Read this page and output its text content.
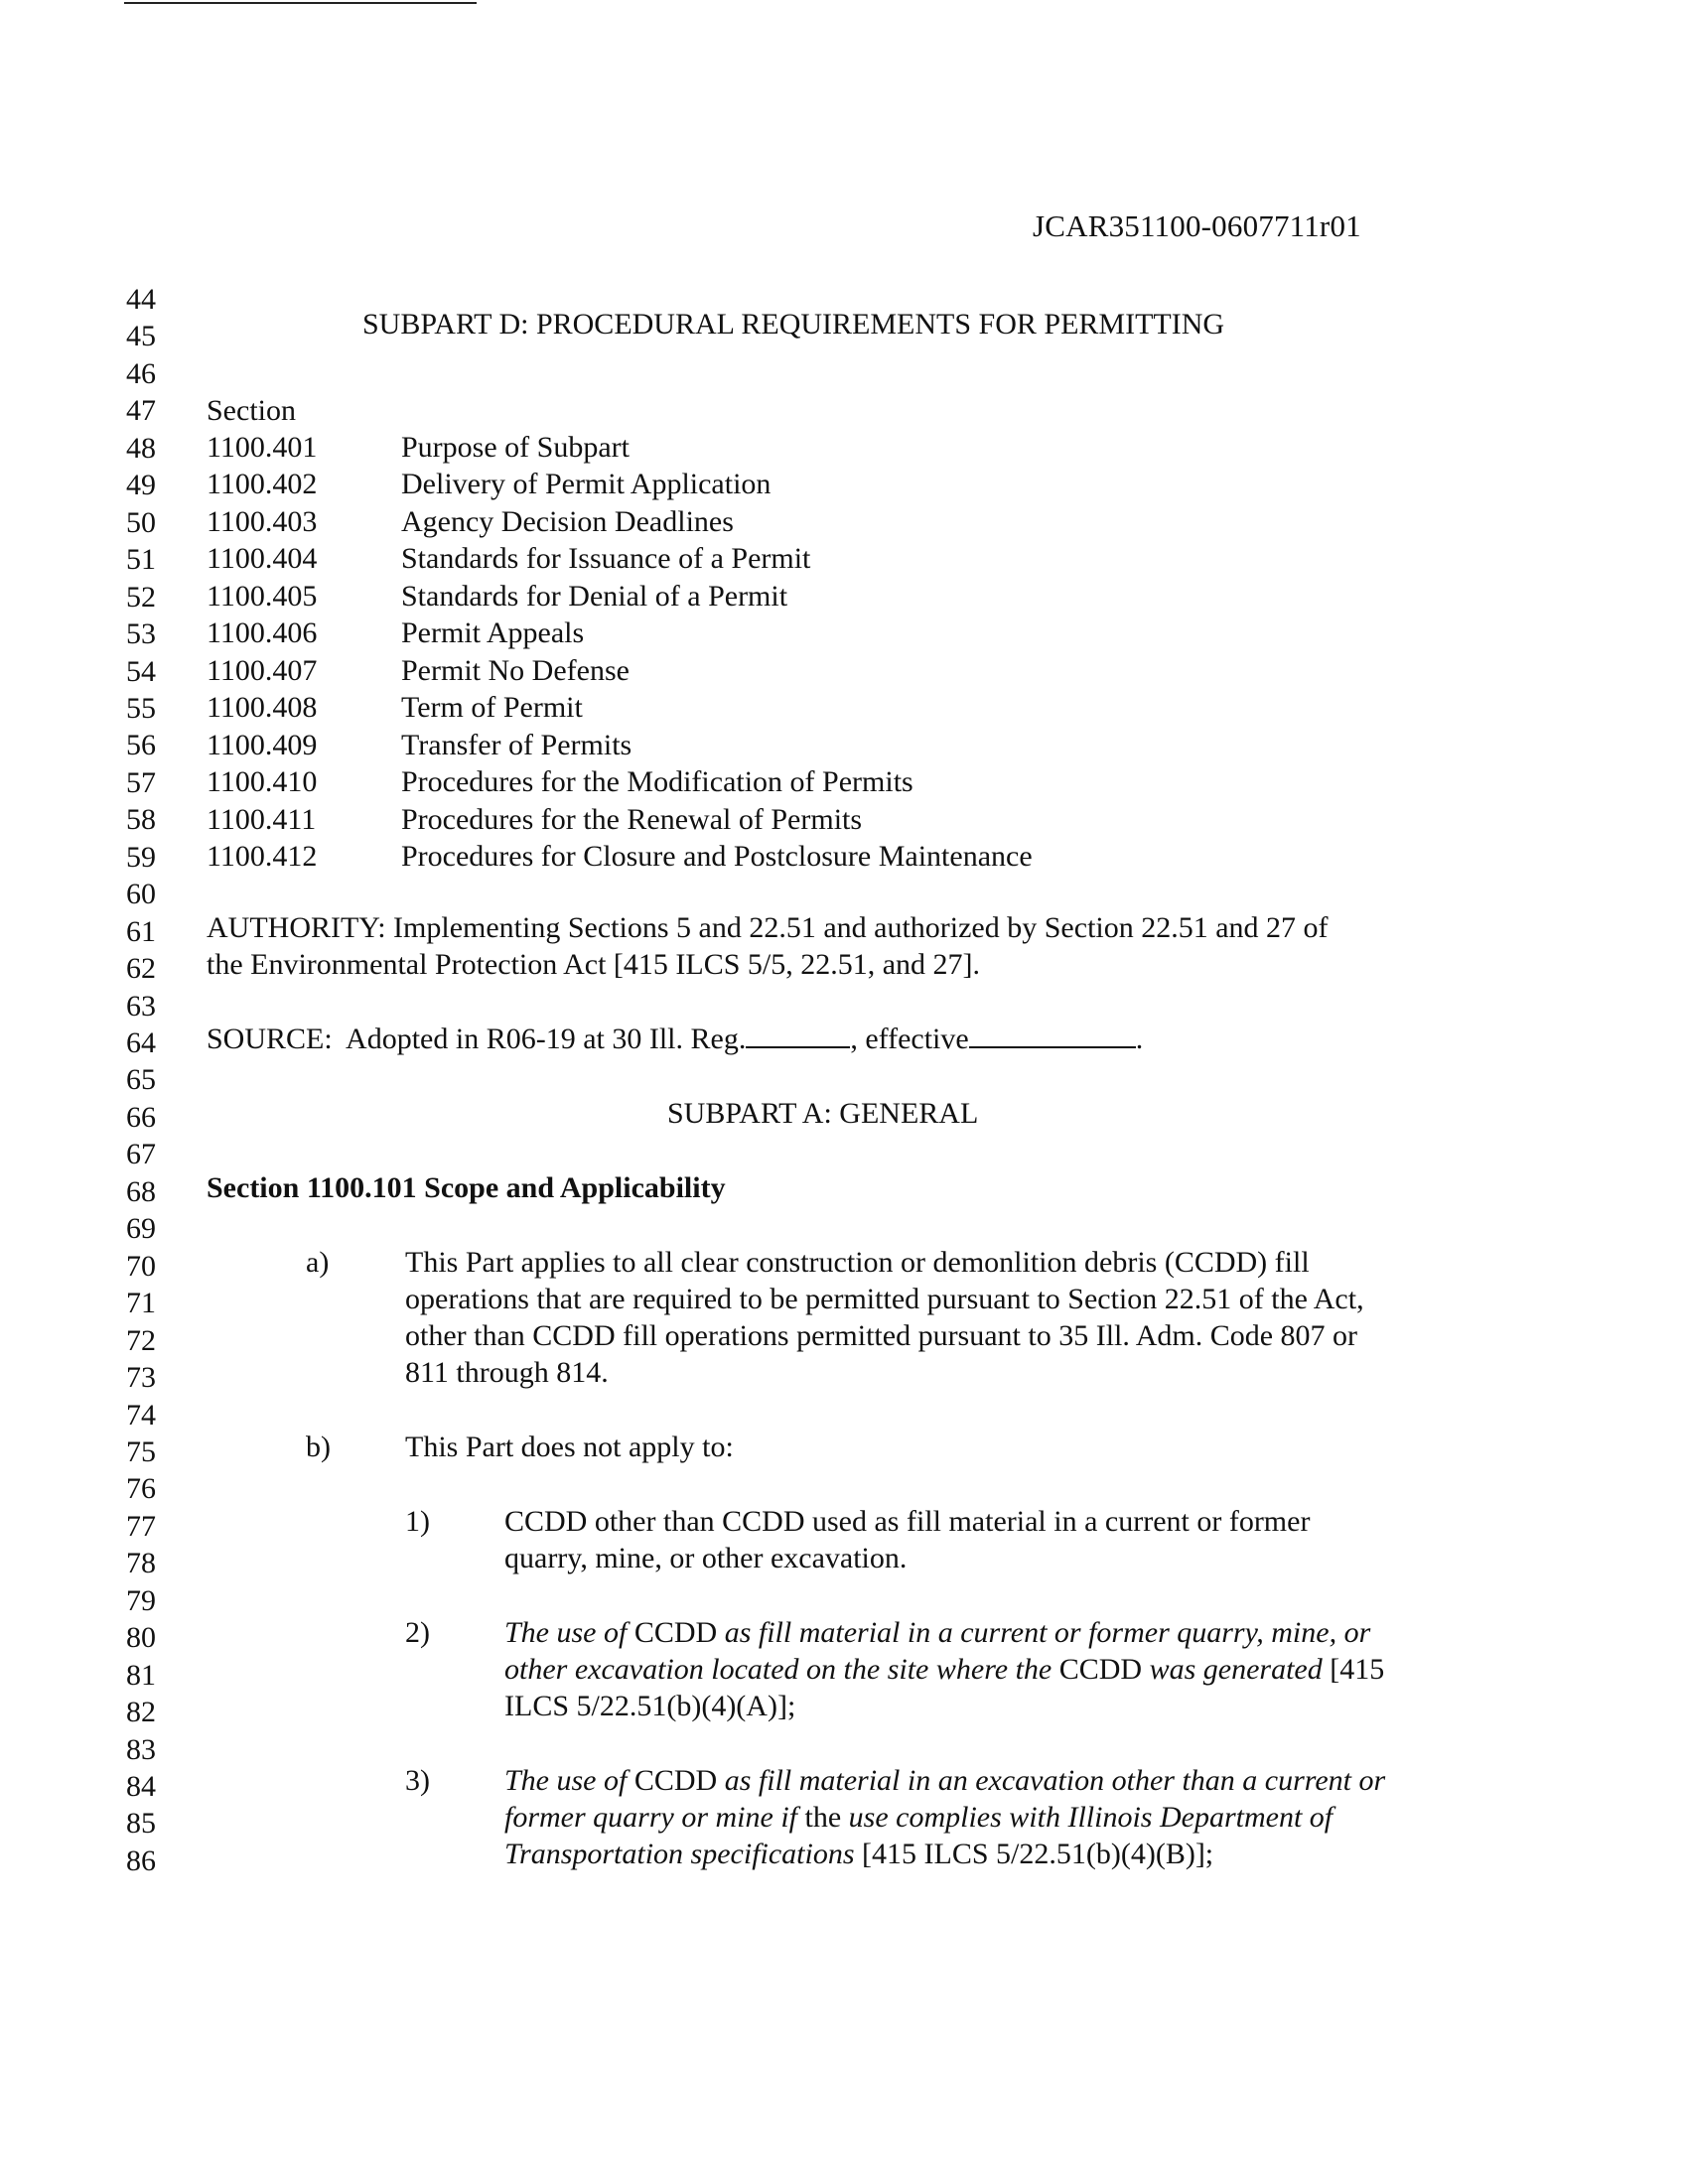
JCAR351100-0607711r01
44
45
46
47
48
49
50
51
52
53
54
55
56
57
58
59
60
61
62
63
64
65
66
67
68
69
70
71
72
73
74
75
76
77
78
79
80
81
82
83
84
85
86
SUBPART D: PROCEDURAL REQUIREMENTS FOR PERMITTING
Section
1100.401	Purpose of Subpart
1100.402	Delivery of Permit Application
1100.403	Agency Decision Deadlines
1100.404	Standards for Issuance of a Permit
1100.405	Standards for Denial of a Permit
1100.406	Permit Appeals
1100.407	Permit No Defense
1100.408	Term of Permit
1100.409	Transfer of Permits
1100.410	Procedures for the Modification of Permits
1100.411	Procedures for the Renewal of Permits
1100.412	Procedures for Closure and Postclosure Maintenance
AUTHORITY: Implementing Sections 5 and 22.51 and authorized by Section 22.51 and 27 of
the Environmental Protection Act [415 ILCS 5/5, 22.51, and 27].
SOURCE:  Adopted in R06-19 at 30 Ill. Reg.	, effective	.
SUBPART A: GENERAL
Section 1100.101 Scope and Applicability
a)	This Part applies to all clear construction or demonlition debris (CCDD) fill
operations that are required to be permitted pursuant to Section 22.51 of the Act,
other than CCDD fill operations permitted pursuant to 35 Ill. Adm. Code 807 or
811 through 814.
b)	This Part does not apply to:
1)	CCDD other than CCDD used as fill material in a current or former
quarry, mine, or other excavation.
2)	The use of CCDD as fill material in a current or former quarry, mine, or
other excavation located on the site where the CCDD was generated [415
ILCS 5/22.51(b)(4)(A)];
3)	The use of CCDD as fill material in an excavation other than a current or
former quarry or mine if the use complies with Illinois Department of
Transportation specifications [415 ILCS 5/22.51(b)(4)(B)];
